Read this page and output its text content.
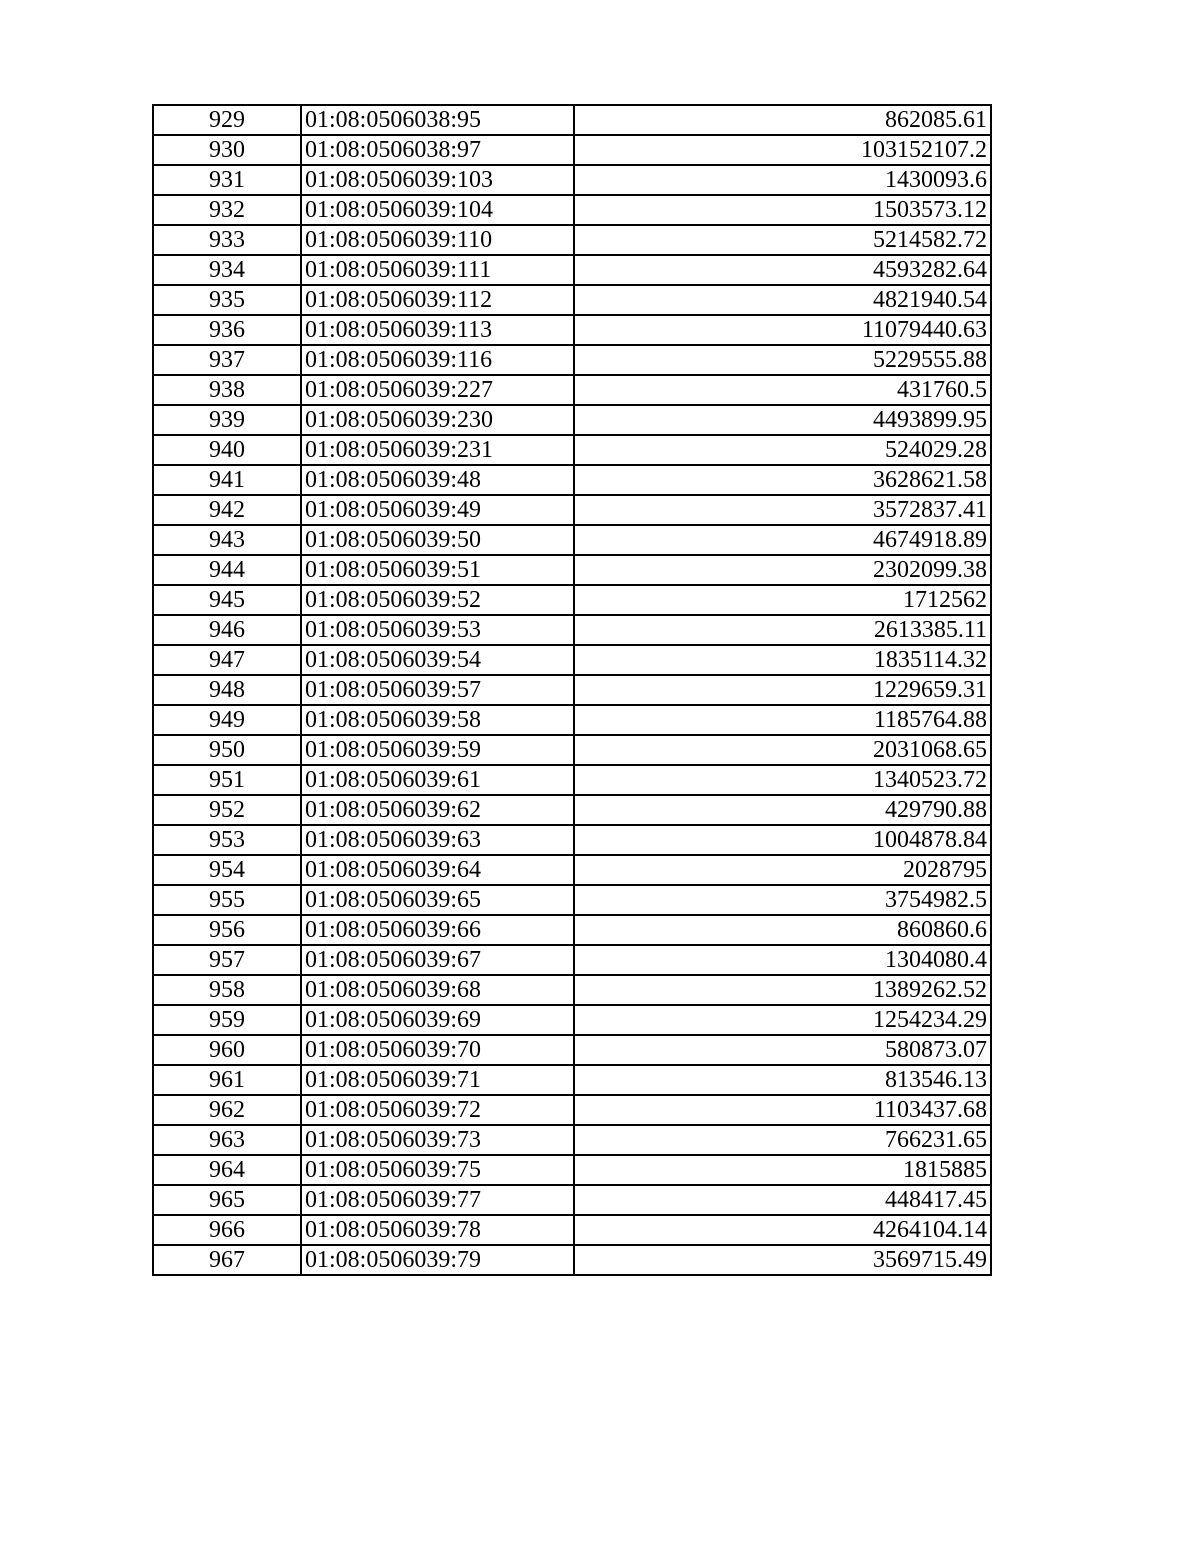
929	01:08:0506038:95	862085.61
930	01:08:0506038:97	103152107.2
931	01:08:0506039:103	1430093.6
932	01:08:0506039:104	1503573.12
933	01:08:0506039:110	5214582.72
934	01:08:0506039:111	4593282.64
935	01:08:0506039:112	4821940.54
936	01:08:0506039:113	11079440.63
937	01:08:0506039:116	5229555.88
938	01:08:0506039:227	431760.5
939	01:08:0506039:230	4493899.95
940	01:08:0506039:231	524029.28
941	01:08:0506039:48	3628621.58
942	01:08:0506039:49	3572837.41
943	01:08:0506039:50	4674918.89
944	01:08:0506039:51	2302099.38
945	01:08:0506039:52	1712562
946	01:08:0506039:53	2613385.11
947	01:08:0506039:54	1835114.32
948	01:08:0506039:57	1229659.31
949	01:08:0506039:58	1185764.88
950	01:08:0506039:59	2031068.65
951	01:08:0506039:61	1340523.72
952	01:08:0506039:62	429790.88
953	01:08:0506039:63	1004878.84
954	01:08:0506039:64	2028795
955	01:08:0506039:65	3754982.5
956	01:08:0506039:66	860860.6
957	01:08:0506039:67	1304080.4
958	01:08:0506039:68	1389262.52
959	01:08:0506039:69	1254234.29
960	01:08:0506039:70	580873.07
961	01:08:0506039:71	813546.13
962	01:08:0506039:72	1103437.68
963	01:08:0506039:73	766231.65
964	01:08:0506039:75	1815885
965	01:08:0506039:77	448417.45
966	01:08:0506039:78	4264104.14
967	01:08:0506039:79	3569715.49
